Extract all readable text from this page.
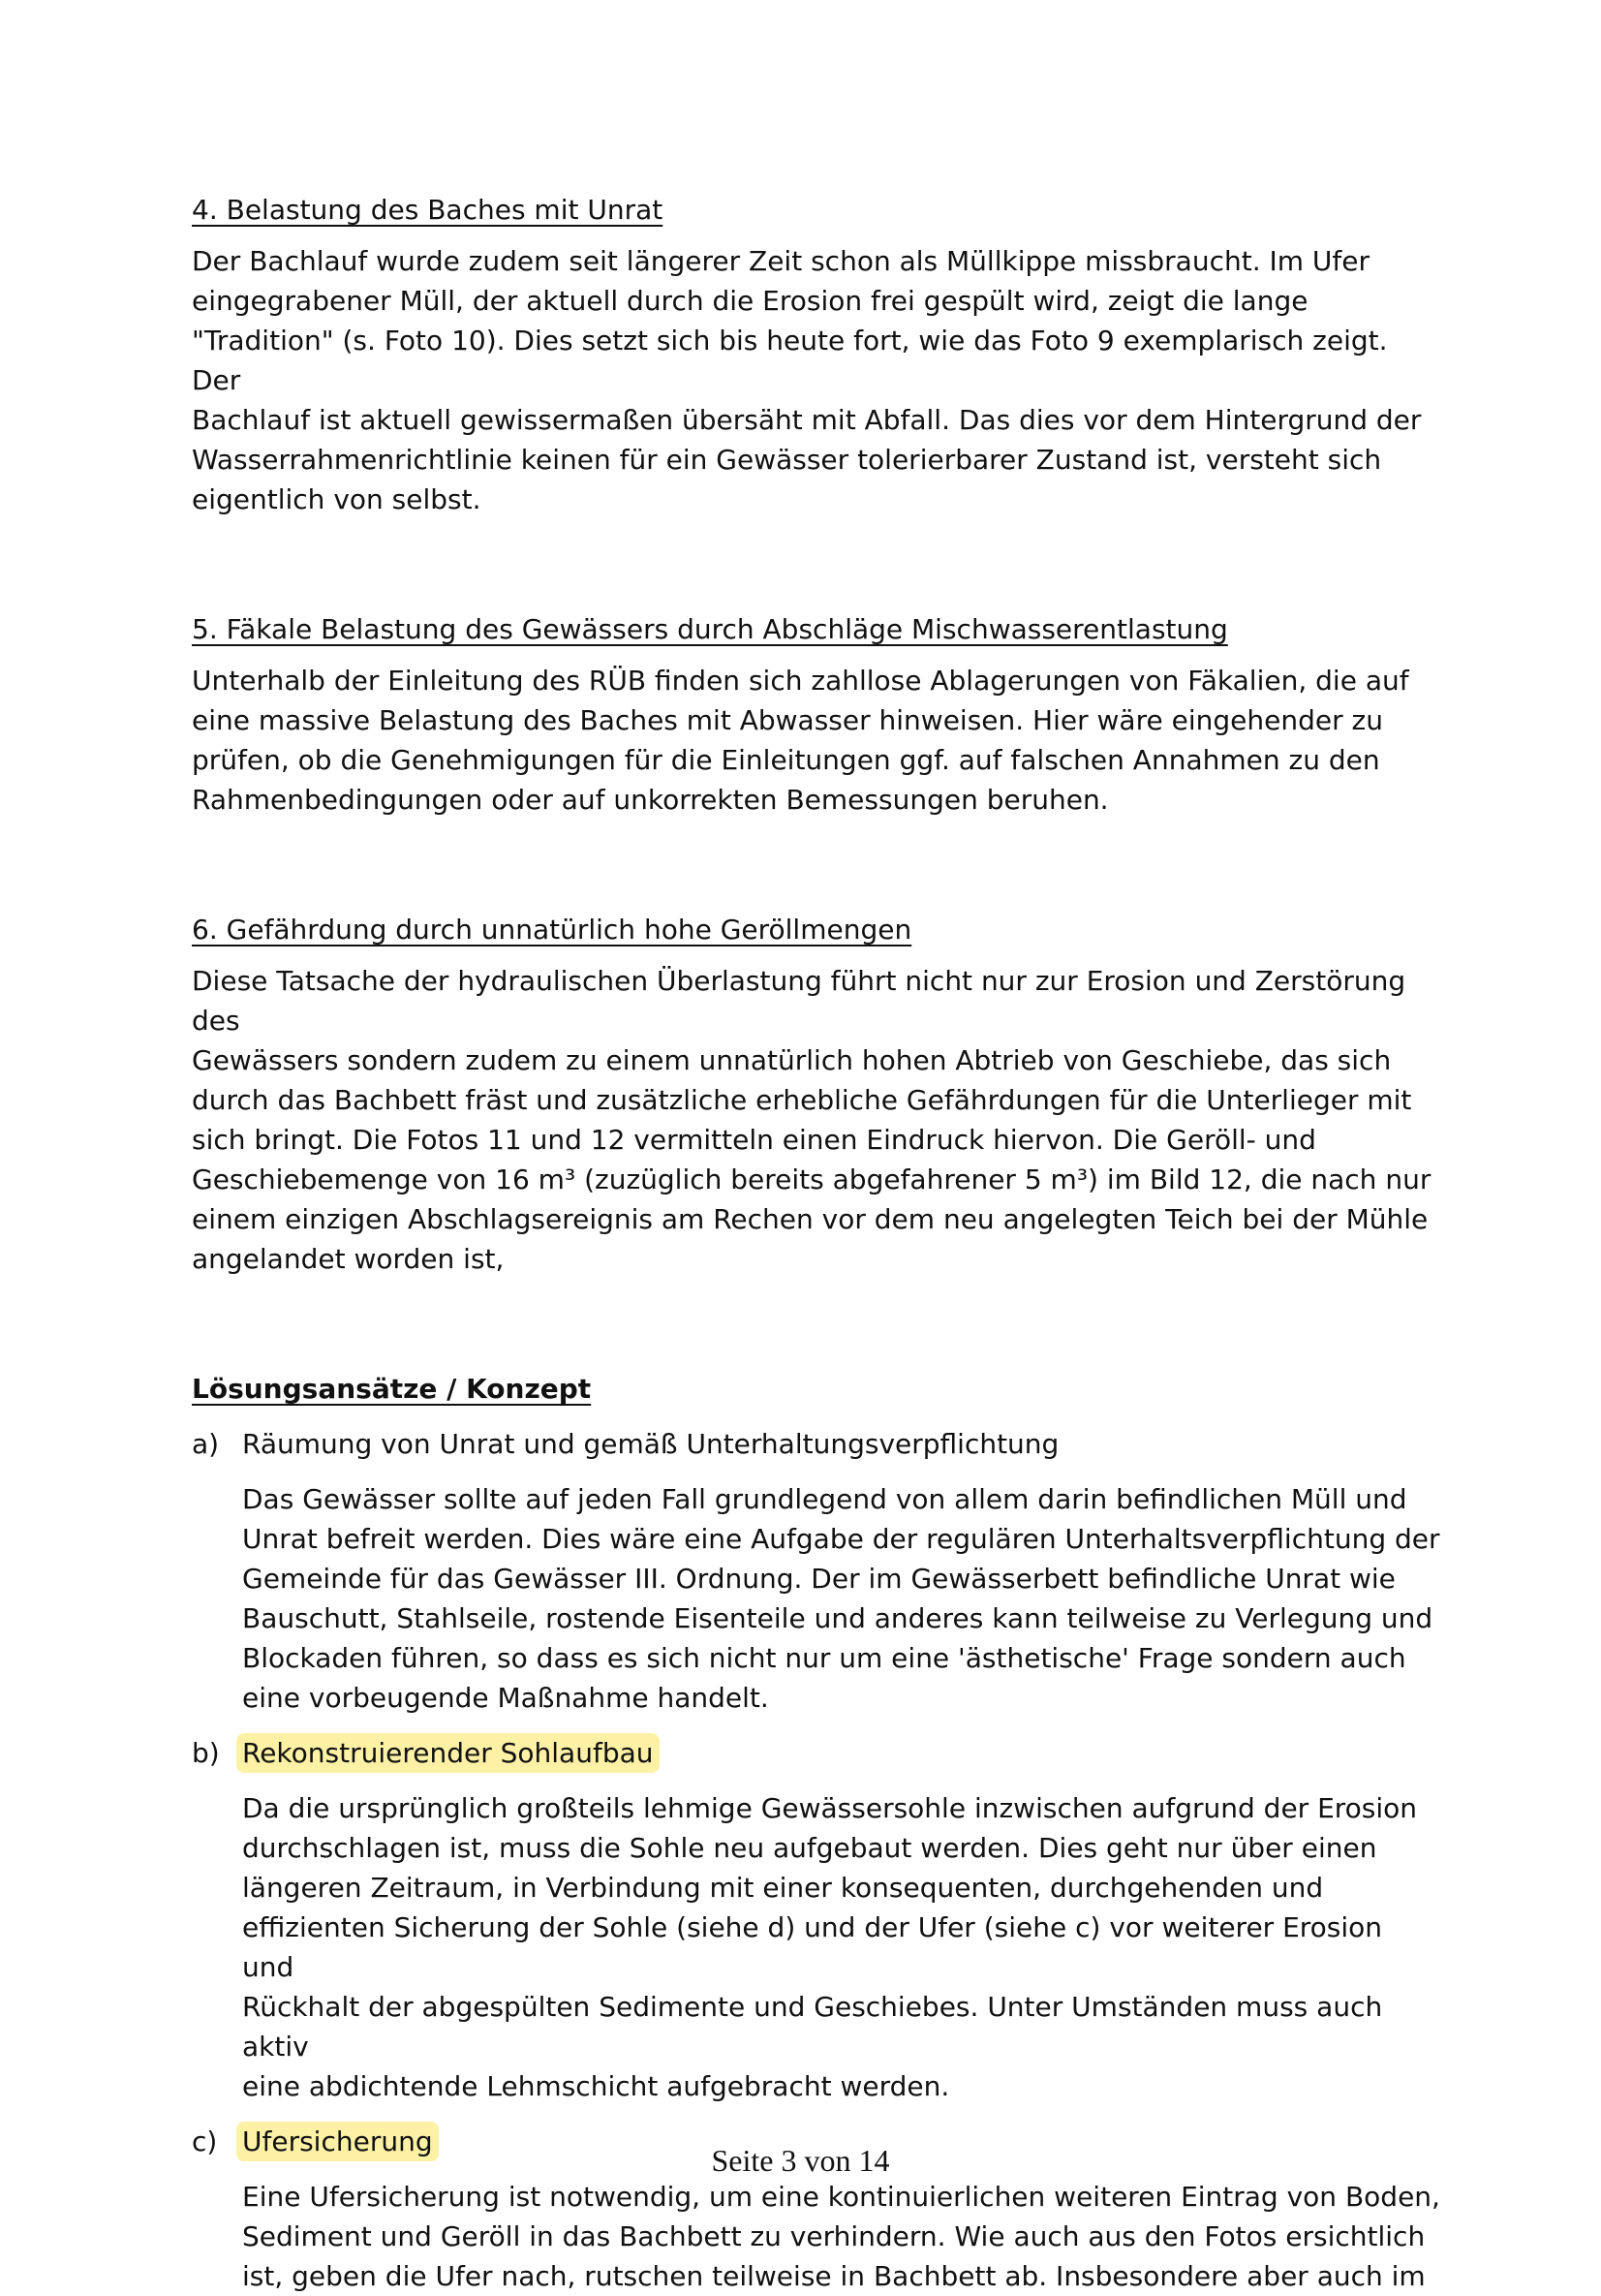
4. Belastung des Baches mit Unrat
Der Bachlauf wurde zudem seit längerer Zeit schon als Müllkippe missbraucht. Im Ufer
eingegrabener Müll, der aktuell durch die Erosion frei gespült wird, zeigt die lange
"Tradition" (s. Foto 10). Dies setzt sich bis heute fort, wie das Foto 9 exemplarisch zeigt. Der
Bachlauf ist aktuell gewissermaßen übersäht mit Abfall. Das dies vor dem Hintergrund der
Wasserrahmenrichtlinie keinen für ein Gewässer tolerierbarer Zustand ist, versteht sich
eigentlich von selbst.
5. Fäkale Belastung des Gewässers durch Abschläge Mischwasserentlastung
Unterhalb der Einleitung des RÜB finden sich zahllose Ablagerungen von Fäkalien, die auf
eine massive Belastung des Baches mit Abwasser hinweisen. Hier wäre eingehender zu
prüfen, ob die Genehmigungen für die Einleitungen ggf. auf falschen Annahmen zu den
Rahmenbedingungen oder auf unkorrekten Bemessungen beruhen.
6. Gefährdung durch unnatürlich hohe Geröllmengen
Diese Tatsache der hydraulischen Überlastung führt nicht nur zur Erosion und Zerstörung des
Gewässers sondern zudem zu einem unnatürlich hohen Abtrieb von Geschiebe, das sich
durch das Bachbett fräst und zusätzliche erhebliche Gefährdungen für die Unterlieger mit
sich bringt. Die Fotos 11 und 12 vermitteln einen Eindruck hiervon. Die Geröll- und
Geschiebemenge von 16 m³ (zuzüglich bereits abgefahrener 5 m³) im Bild 12, die nach nur
einem einzigen Abschlagsereignis am Rechen vor dem neu angelegten Teich bei der Mühle
angelandet worden ist,
Lösungsansätze / Konzept
a) Räumung von Unrat und gemäß Unterhaltungsverpflichtung
Das Gewässer sollte auf jeden Fall grundlegend von allem darin befindlichen Müll und
Unrat befreit werden. Dies wäre eine Aufgabe der regulären Unterhaltsverpflichtung der
Gemeinde für das Gewässer III. Ordnung. Der im Gewässerbett befindliche Unrat wie
Bauschutt, Stahlseile, rostende Eisenteile und anderes kann teilweise zu Verlegung und
Blockaden führen, so dass es sich nicht nur um eine 'ästhetische' Frage sondern auch
eine vorbeugende Maßnahme handelt.
b) Rekonstruierender Sohlaufbau
Da die ursprünglich großteils lehmige Gewässersohle inzwischen aufgrund der Erosion
durchschlagen ist, muss die Sohle neu aufgebaut werden. Dies geht nur über einen
längeren Zeitraum, in Verbindung mit einer konsequenten, durchgehenden und
effizienten Sicherung der Sohle (siehe d) und der Ufer (siehe c) vor weiterer Erosion und
Rückhalt der abgespülten Sedimente und Geschiebes. Unter Umständen muss auch aktiv
eine abdichtende Lehmschicht aufgebracht werden.
c) Ufersicherung
Eine Ufersicherung ist notwendig, um eine kontinuierlichen weiteren Eintrag von Boden,
Sediment und Geröll in das Bachbett zu verhindern. Wie auch aus den Fotos ersichtlich
ist, geben die Ufer nach, rutschen teilweise in Bachbett ab. Insbesondere aber auch im
Seite 3 von 14
